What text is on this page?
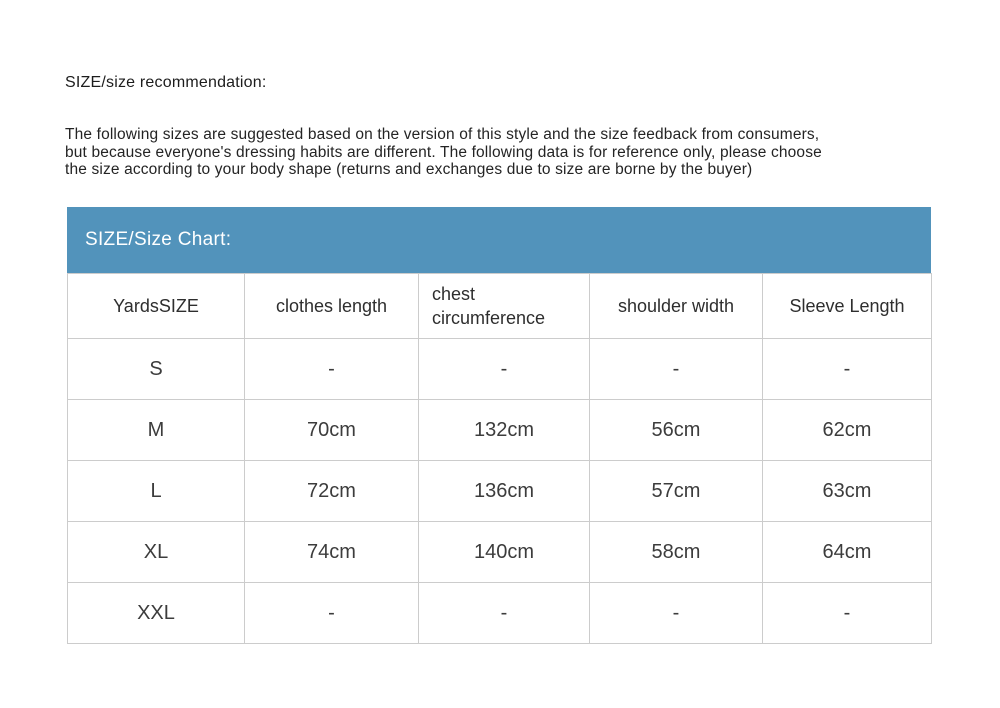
SIZE/size recommendation:

The following sizes are suggested based on the version of this style and the size feedback from consumers,
but because everyone's dressing habits are different. The following data is for reference only, please choose
the size according to your body shape (returns and exchanges due to size are borne by the buyer)

SIZE/Size Chart:
YardsSIZE	clothes length	chest circumference	shoulder width	Sleeve Length
S	-	-	-	-
M	70cm	132cm	56cm	62cm
L	72cm	136cm	57cm	63cm
XL	74cm	140cm	58cm	64cm
XXL	-	-	-	-
